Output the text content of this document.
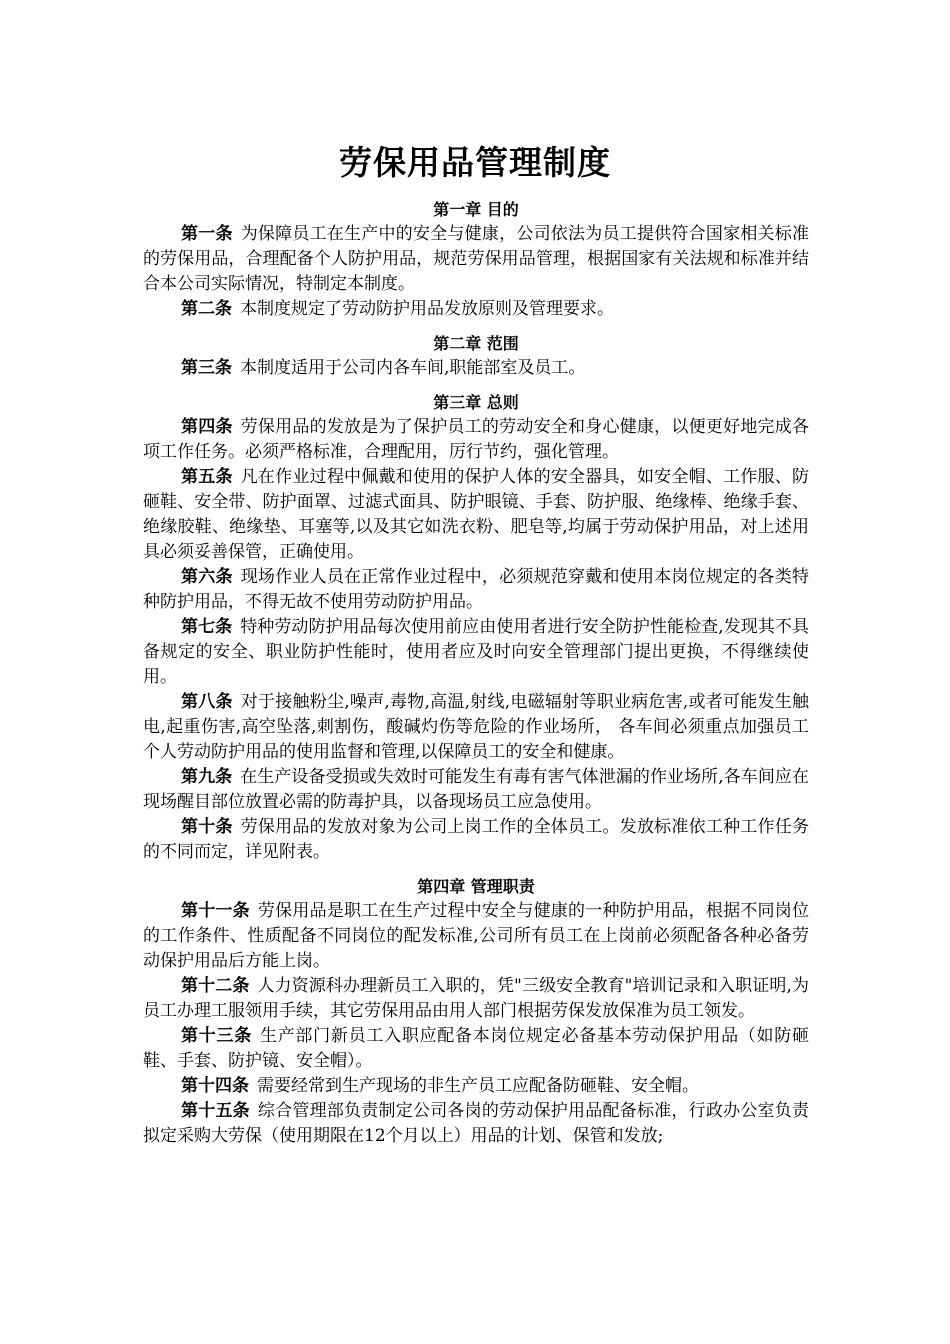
劳保用品管理制度
第一章 目的

第一条 为保障员工在生产中的安全与健康，公司依法为员工提供符合国家相关标准的劳保用品，合理配备个人防护用品，规范劳保用品管理，根据国家有关法规和标准并结合本公司实际情况，特制定本制度。

第二条 本制度规定了劳动防护用品发放原则及管理要求。

第二章 范围

第三条 本制度适用于公司内各车间,职能部室及员工。

第三章 总则

第四条 劳保用品的发放是为了保护员工的劳动安全和身心健康，以便更好地完成各项工作任务。必须严格标准，合理配用，厉行节约，强化管理。

第五条 凡在作业过程中佩戴和使用的保护人体的安全器具，如安全帽、工作服、防砸鞋、安全带、防护面罩、过滤式面具、防护眼镜、手套、防护服、绝缘棒、绝缘手套、绝缘胶鞋、绝缘垫、耳塞等,以及其它如洗衣粉、肥皂等,均属于劳动保护用品，对上述用具必须妥善保管，正确使用。

第六条 现场作业人员在正常作业过程中，必须规范穿戴和使用本岗位规定的各类特种防护用品，不得无故不使用劳动防护用品。

第七条 特种劳动防护用品每次使用前应由使用者进行安全防护性能检查,发现其不具备规定的安全、职业防护性能时，使用者应及时向安全管理部门提出更换，不得继续使用。

第八条 对于接触粉尘,噪声,毒物,高温,射线,电磁辐射等职业病危害,或者可能发生触电,起重伤害,高空坠落,刺割伤，酸碱灼伤等危险的作业场所， 各车间必须重点加强员工个人劳动防护用品的使用监督和管理,以保障员工的安全和健康。

第九条 在生产设备受损或失效时可能发生有毒有害气体泄漏的作业场所,各车间应在现场醒目部位放置必需的防毒护具，以备现场员工应急使用。

第十条 劳保用品的发放对象为公司上岗工作的全体员工。发放标准依工种工作任务的不同而定，详见附表。

第四章 管理职责

第十一条 劳保用品是职工在生产过程中安全与健康的一种防护用品，根据不同岗位的工作条件、性质配备不同岗位的配发标准,公司所有员工在上岗前必须配备各种必备劳动保护用品后方能上岗。

第十二条 人力资源科办理新员工入职的，凭"三级安全教育"培训记录和入职证明,为员工办理工服领用手续，其它劳保用品由用人部门根据劳保发放保准为员工领发。

第十三条 生产部门新员工入职应配备本岗位规定必备基本劳动保护用品（如防砸鞋、手套、防护镜、安全帽）。

第十四条 需要经常到生产现场的非生产员工应配备防砸鞋、安全帽。

第十五条 综合管理部负责制定公司各岗的劳动保护用品配备标准，行政办公室负责拟定采购大劳保（使用期限在12个月以上）用品的计划、保管和发放;
